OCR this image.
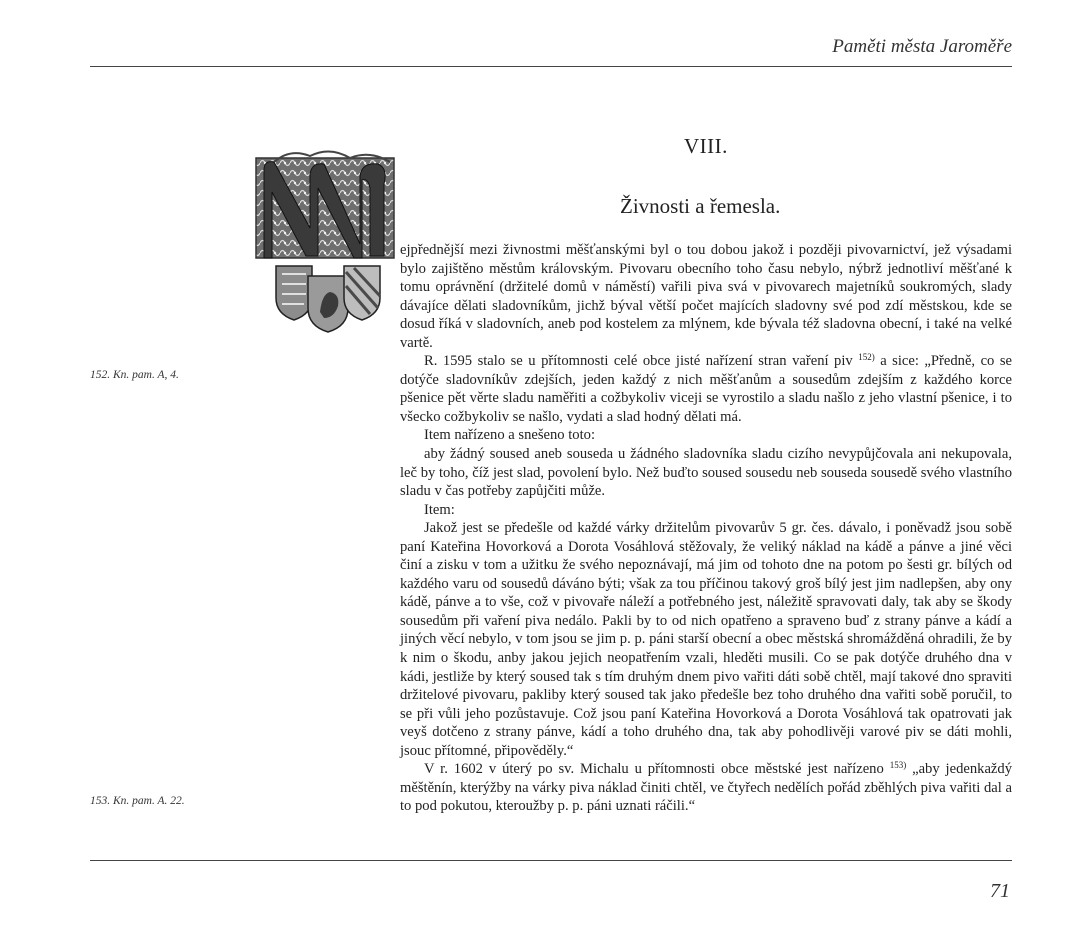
Paměti města Jaroměře
VIII.
Živnosti a řemesla.
152. Kn. pam. A, 4.
153. Kn. pam. A. 22.

ejpřednější mezi živnostmi měšťanskými byl o tou dobou jakož i později pivovarnictví, jež výsadami bylo zajištěno městům královským. Pivovaru obecního toho času nebylo, nýbrž jednotliví měšťané k tomu oprávnění (držitelé domů v náměstí) vařili piva svá v pivovarech majetníků soukromých, slady dávajíce dělati sladovníkům, jichž býval větší počet majících sladovny své pod zdí městskou, kde se dosud říká v sladovních, aneb pod kostelem za mlýnem, kde bývala též sladovna obecní, i také na velké vartě.

R. 1595 stalo se u přítomnosti celé obce jisté nařízení stran vaření piv $^{152)}$ a sice: „Předně, co se dotýče sladovníkův zdejších, jeden každý z nich měšťanům a sousedům zdejším z každého korce pšenice pět věrte sladu naměřiti a cožbykoliv viceji se vyrostilo a sladu našlo z jeho vlastní pšenice, i to všecko cožbykoliv se našlo, vydati a slad hodný dělati má.

Item nařízeno a snešeno toto:

aby žádný soused aneb souseda u žádného sladovníka sladu cizího nevypůjčovala ani nekupovala, leč by toho, číž jest slad, povolení bylo. Než buďto soused sousedu neb souseda sousedě svého vlastního sladu v čas potřeby zapůjčiti může.

Item:

Jakož jest se předešle od každé várky držitelům pivovarův 5 gr. čes. dávalo, i poněvadž jsou sobě paní Kateřina Hovorková a Dorota Vosáhlová stěžovaly, že veliký náklad na kádě a pánve a jiné věci činí a zisku v tom a užitku že svého nepoznávají, má jim od tohoto dne na potom po šesti gr. bílých od každého varu od sousedů dáváno býti; však za tou příčinou takový groš bílý jest jim nadlepšen, aby ony kádě, pánve a to vše, což v pivovaře náleží a potřebného jest, náležitě spravovati daly, tak aby se škody sousedům při vaření piva nedálo. Pakli by to od nich opatřeno a spraveno buď z strany pánve a kádí a jiných věcí nebylo, v tom jsou se jim p. p. páni starší obecní a obec městská shromážděná ohradili, že by k nim o škodu, anby jakou jejich neopatřením vzali, hleděti musili. Co se pak dotýče druhého dna v kádi, jestliže by který soused tak s tím druhým dnem pivo vařiti dáti sobě chtěl, mají takové dno spraviti držitelové pivovaru, pakliby který soused tak jako předešle bez toho druhého dna vařiti sobě poručil, to se při vůli jeho pozůstavuje. Což jsou paní Kateřina Hovorková a Dorota Vosáhlová tak opatrovati jak veyš dotčeno z strany pánve, kádí a toho druhého dna, tak aby pohodlivěji varové piv se dáti mohli, jsouc přítomné, připověděly.“

V r. 1602 v úterý po sv. Michalu u přítomnosti obce městské jest nařízeno $^{153)}$ „aby jedenkaždý měštěnín, kterýžby na várky piva náklad činiti chtěl, ve čtyřech nedělích pořád zběhlých piva vařiti dal a to pod pokutou, kteroužby p. p. páni uznati ráčili.“

71
